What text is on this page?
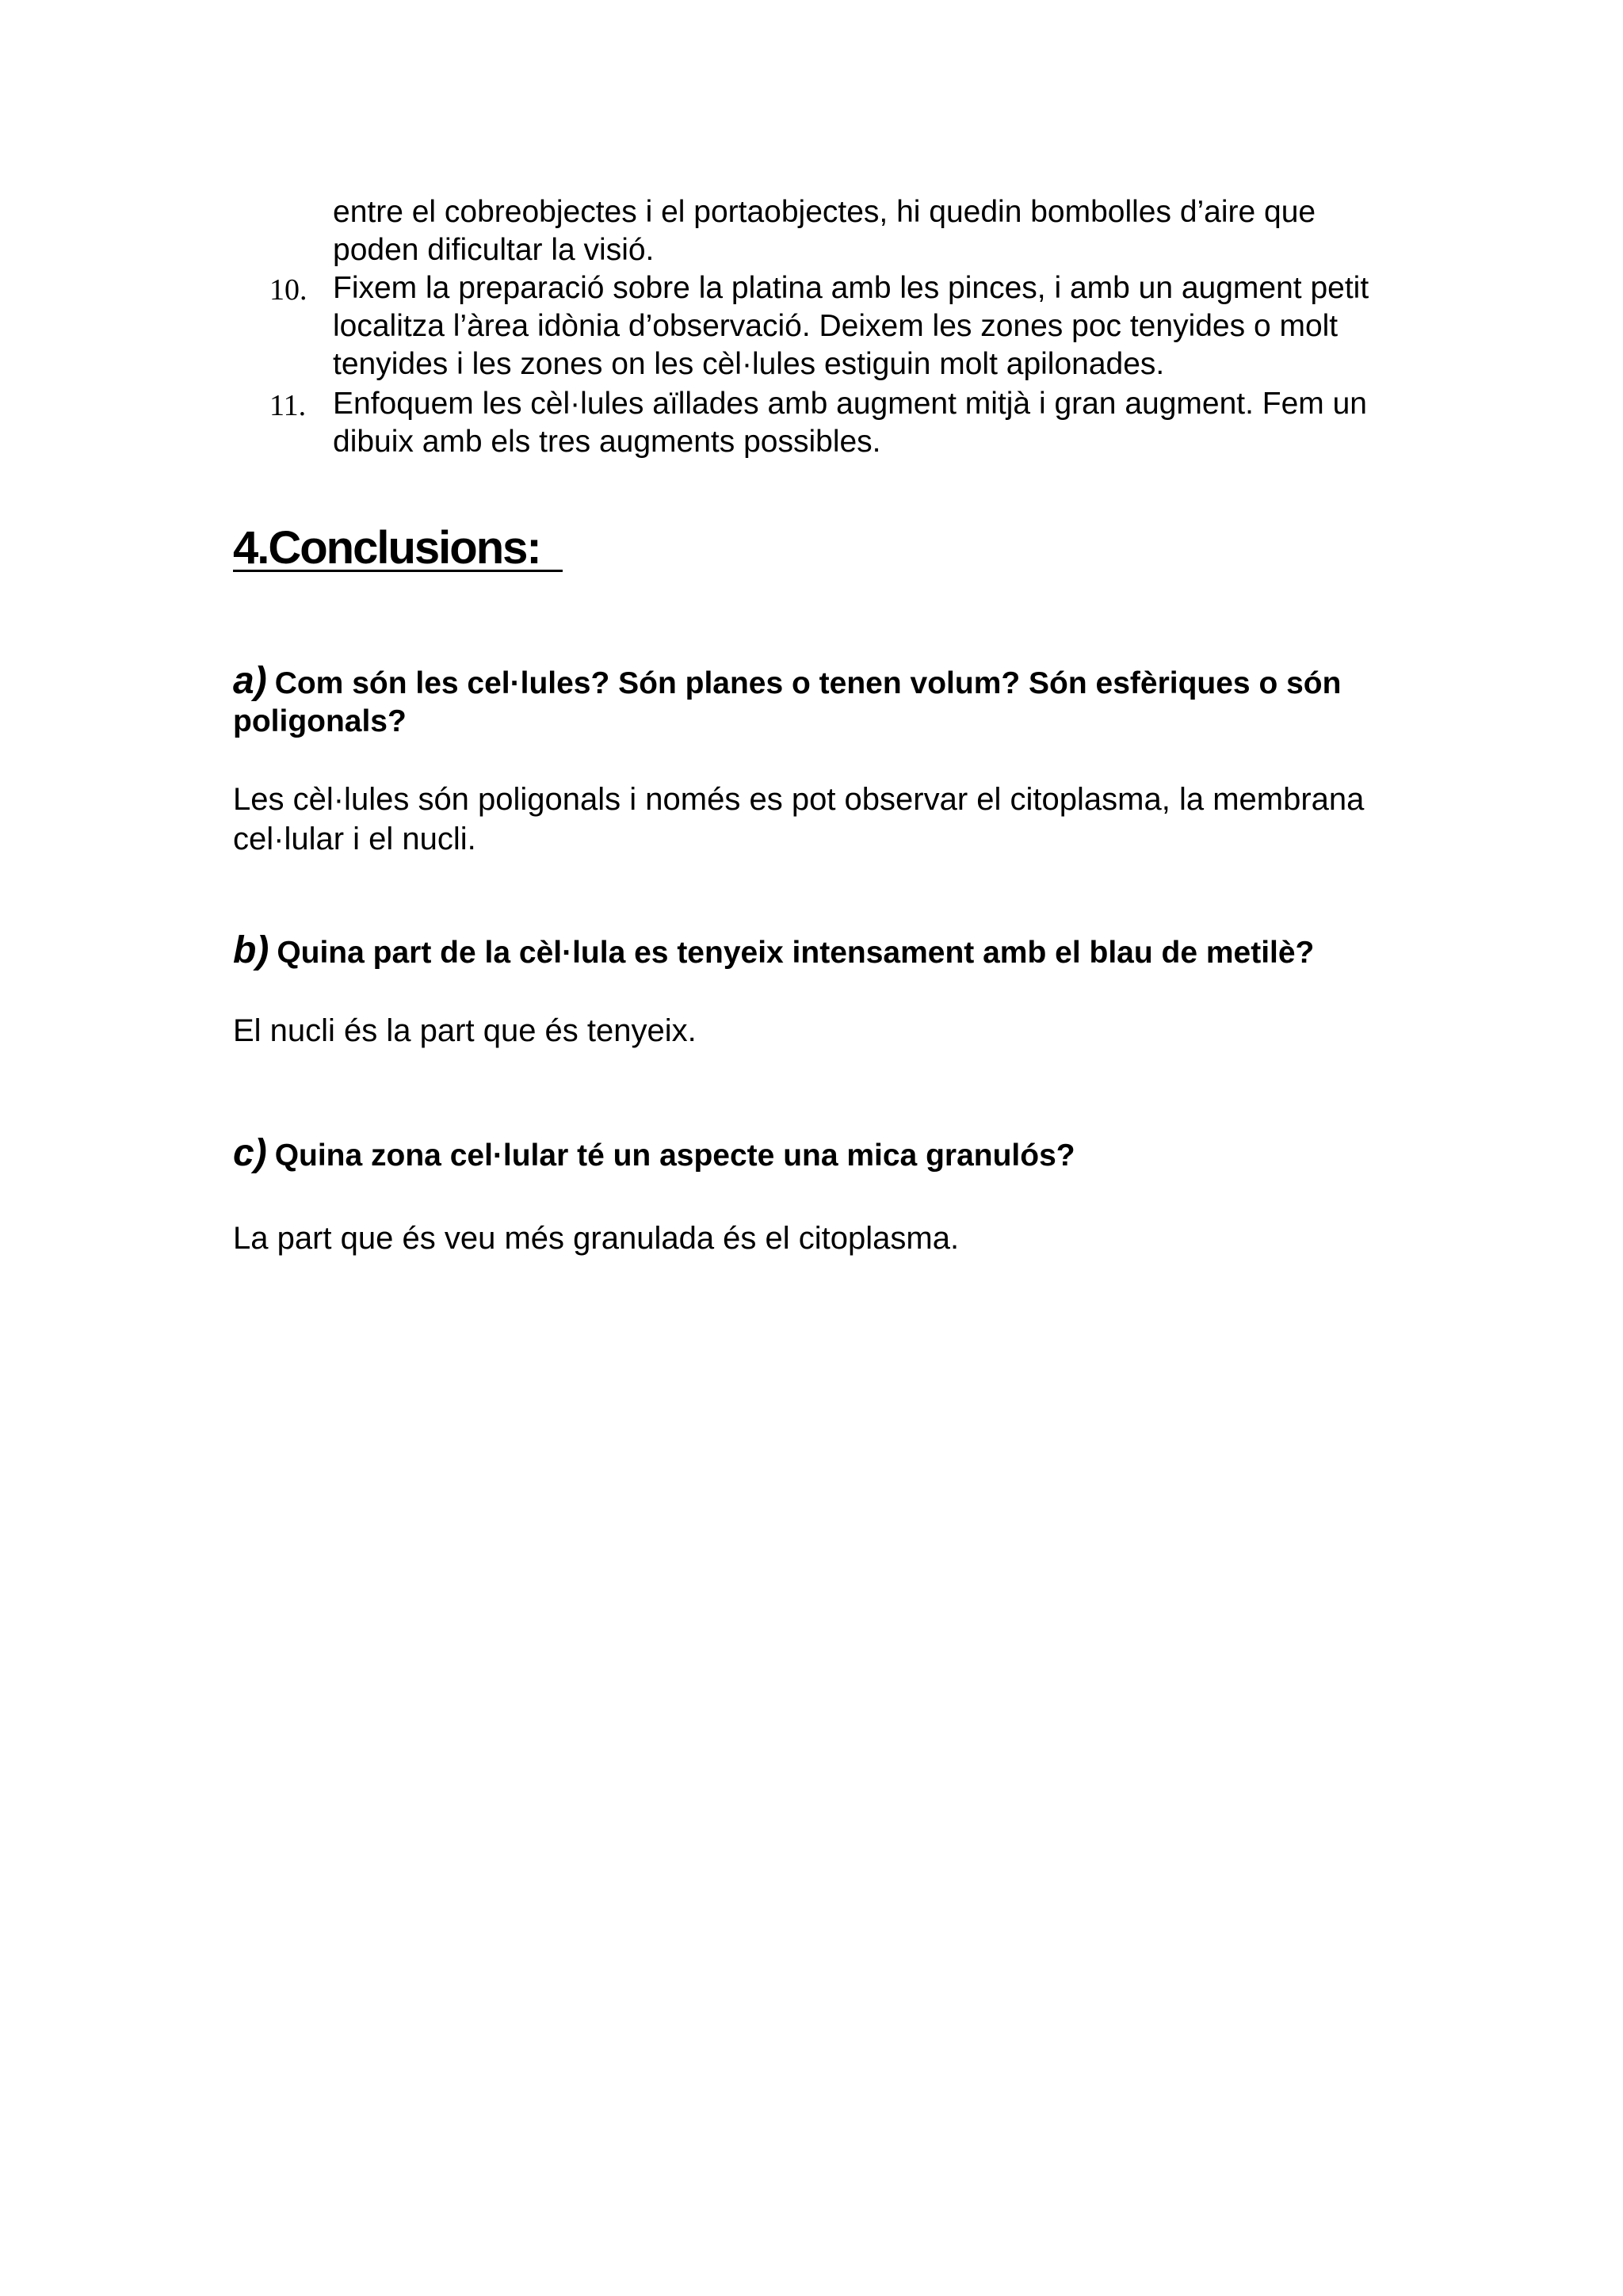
entre el cobreobjectes i el portaobjectes, hi quedin bombolles d’aire que poden dificultar la visió.
10. Fixem la preparació sobre la platina amb les pinces, i amb un augment petit localitza l’àrea idònia d’observació. Deixem les zones poc tenyides o molt tenyides i les zones on les cèl·lules estiguin molt apilonades.
11. Enfoquem les cèl·lules aïllades amb augment mitjà i gran augment. Fem un dibuix amb els tres augments possibles.
4.Conclusions:
a) Com són les cel·lules? Són planes o tenen volum? Són esfèriques o són poligonals?
Les cèl·lules són poligonals i només es pot observar el citoplasma, la membrana cel·lular i el nucli.
b) Quina part de la cèl·lula es tenyeix intensament amb el blau de metilè?
El nucli és la part que és tenyeix.
c) Quina zona cel·lular té un aspecte una mica granulós?
La part que és veu més granulada és el citoplasma.
